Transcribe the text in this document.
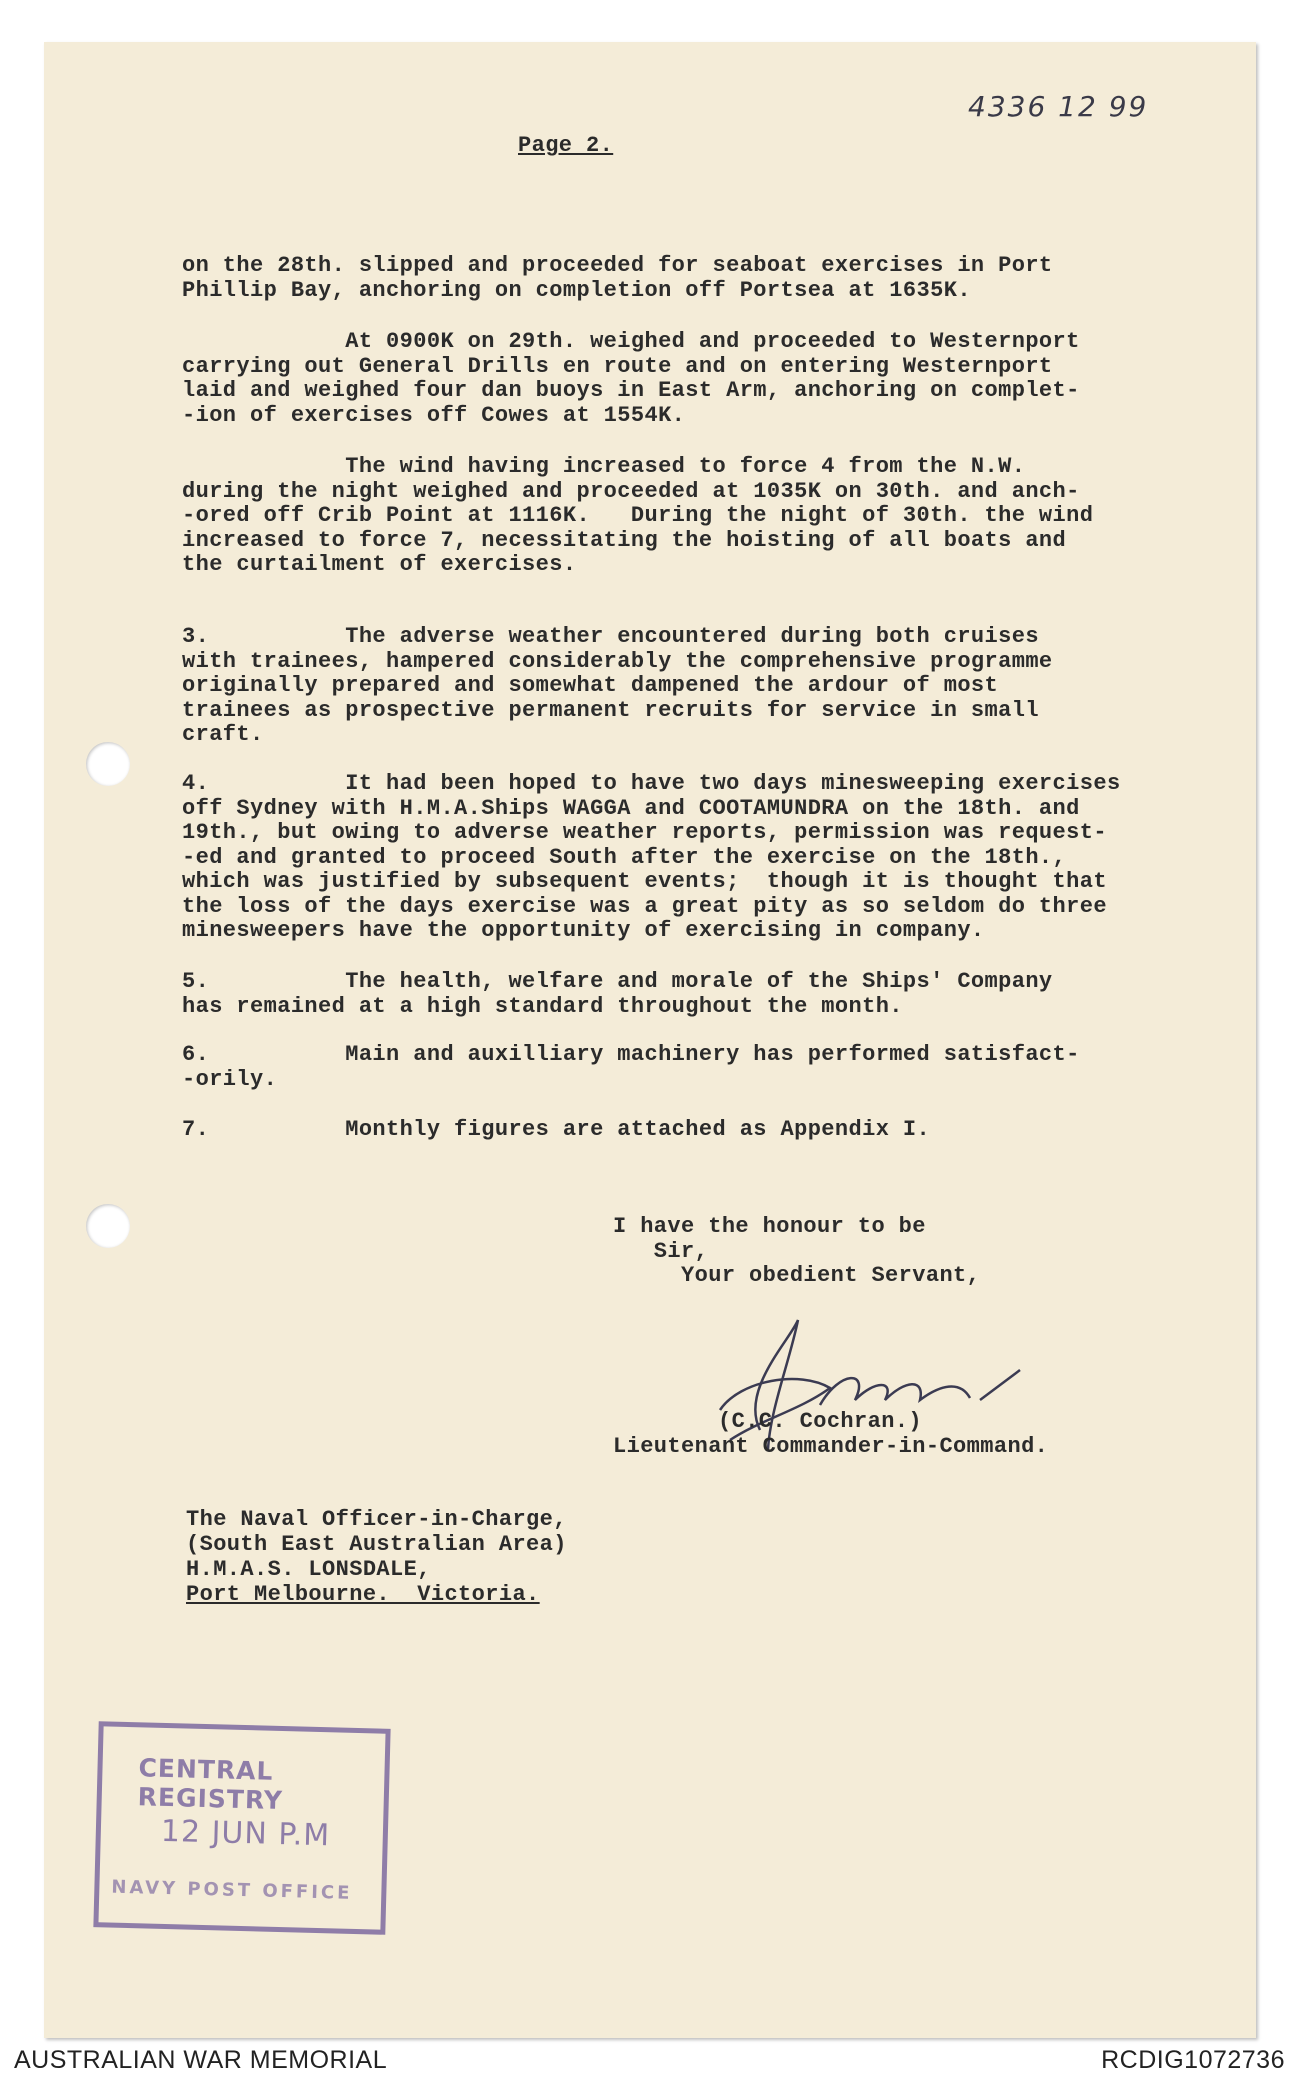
4336 12 99
Page 2.
on the 28th. slipped and proceeded for seaboat exercises in Port
Phillip Bay, anchoring on completion off Portsea at 1635K.
At 0900K on 29th. weighed and proceeded to Westernport
carrying out General Drills en route and on entering Westernport
laid and weighed four dan buoys in East Arm, anchoring on complet-
-ion of exercises off Cowes at 1554K.
The wind having increased to force 4 from the N.W.
during the night weighed and proceeded at 1035K on 30th. and anch-
-ored off Crib Point at 1116K.   During the night of 30th. the wind
increased to force 7, necessitating the hoisting of all boats and
the curtailment of exercises.
3.          The adverse weather encountered during both cruises
with trainees, hampered considerably the comprehensive programme
originally prepared and somewhat dampened the ardour of most
trainees as prospective permanent recruits for service in small
craft.
4.          It had been hoped to have two days minesweeping exercises
off Sydney with H.M.A.Ships WAGGA and COOTAMUNDRA on the 18th. and
19th., but owing to adverse weather reports, permission was request-
-ed and granted to proceed South after the exercise on the 18th.,
which was justified by subsequent events;  though it is thought that
the loss of the days exercise was a great pity as so seldom do three
minesweepers have the opportunity of exercising in company.
5.          The health, welfare and morale of the Ships' Company
has remained at a high standard throughout the month.
6.          Main and auxilliary machinery has performed satisfact-
-orily.
7.          Monthly figures are attached as Appendix I.
I have the honour to be
Sir,
Your obedient Servant,
(C.C. Cochran.)
Lieutenant Commander-in-Command.
The Naval Officer-in-Charge,
(South East Australian Area)
H.M.A.S. LONSDALE,
Port Melbourne.  Victoria.
CENTRAL REGISTRY
12 JUN P.M
NAVY POST OFFICE
AUSTRALIAN WAR MEMORIAL	RCDIG1072736
